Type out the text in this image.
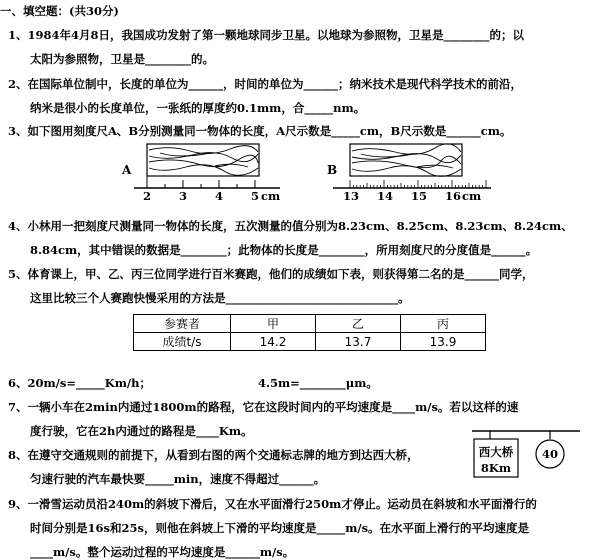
一、填空题：(共30分)
1、1984年4月8日，我国成功发射了第一颗地球同步卫星。以地球为参照物，卫星是________的；以
太阳为参照物，卫星是________的。
2、在国际单位制中，长度的单位为______，时间的单位为______；纳米技术是现代科学技术的前沿，
纳米是很小的长度单位，一张纸的厚度约0.1mm，合_____nm。
3、如下图用刻度尺A、B分别测量同一物体的长度，A尺示数是_____cm，B尺示数是______cm。
A
2 3 4 5 cm
B
13 14 15 16 cm
4、小林用一把刻度尺测量同一物体的长度，五次测量的值分别为8.23cm、8.25cm、8.23cm、8.24cm、
8.84cm，其中错误的数据是________；此物体的长度是________，所用刻度尺的分度值是______。
5、体育课上，甲、乙、丙三位同学进行百米赛跑，他们的成绩如下表，则获得第二名的是______同学，
这里比较三个人赛跑快慢采用的方法是______________________________。
参赛者	甲	乙	丙
成绩t/s	14.2	13.7	13.9
6、20m/s=_____Km/h；	4.5m=________μm。
7、一辆小车在2min内通过1800m的路程，它在这段时间内的平均速度是____m/s。若以这样的速
度行驶，它在2h内通过的路程是____Km。
8、在遵守交通规则的前提下，从看到右图的两个交通标志牌的地方到达西大桥，
匀速行驶的汽车最快要_____min，速度不得超过______。
西大桥
8Km
40
9、一滑雪运动员沿240m的斜坡下滑后，又在水平面滑行250m才停止。运动员在斜坡和水平面滑行的
时间分别是16s和25s，则他在斜坡上下滑的平均速度是_____m/s。在水平面上滑行的平均速度是
____m/s。整个运动过程的平均速度是______m/s。
